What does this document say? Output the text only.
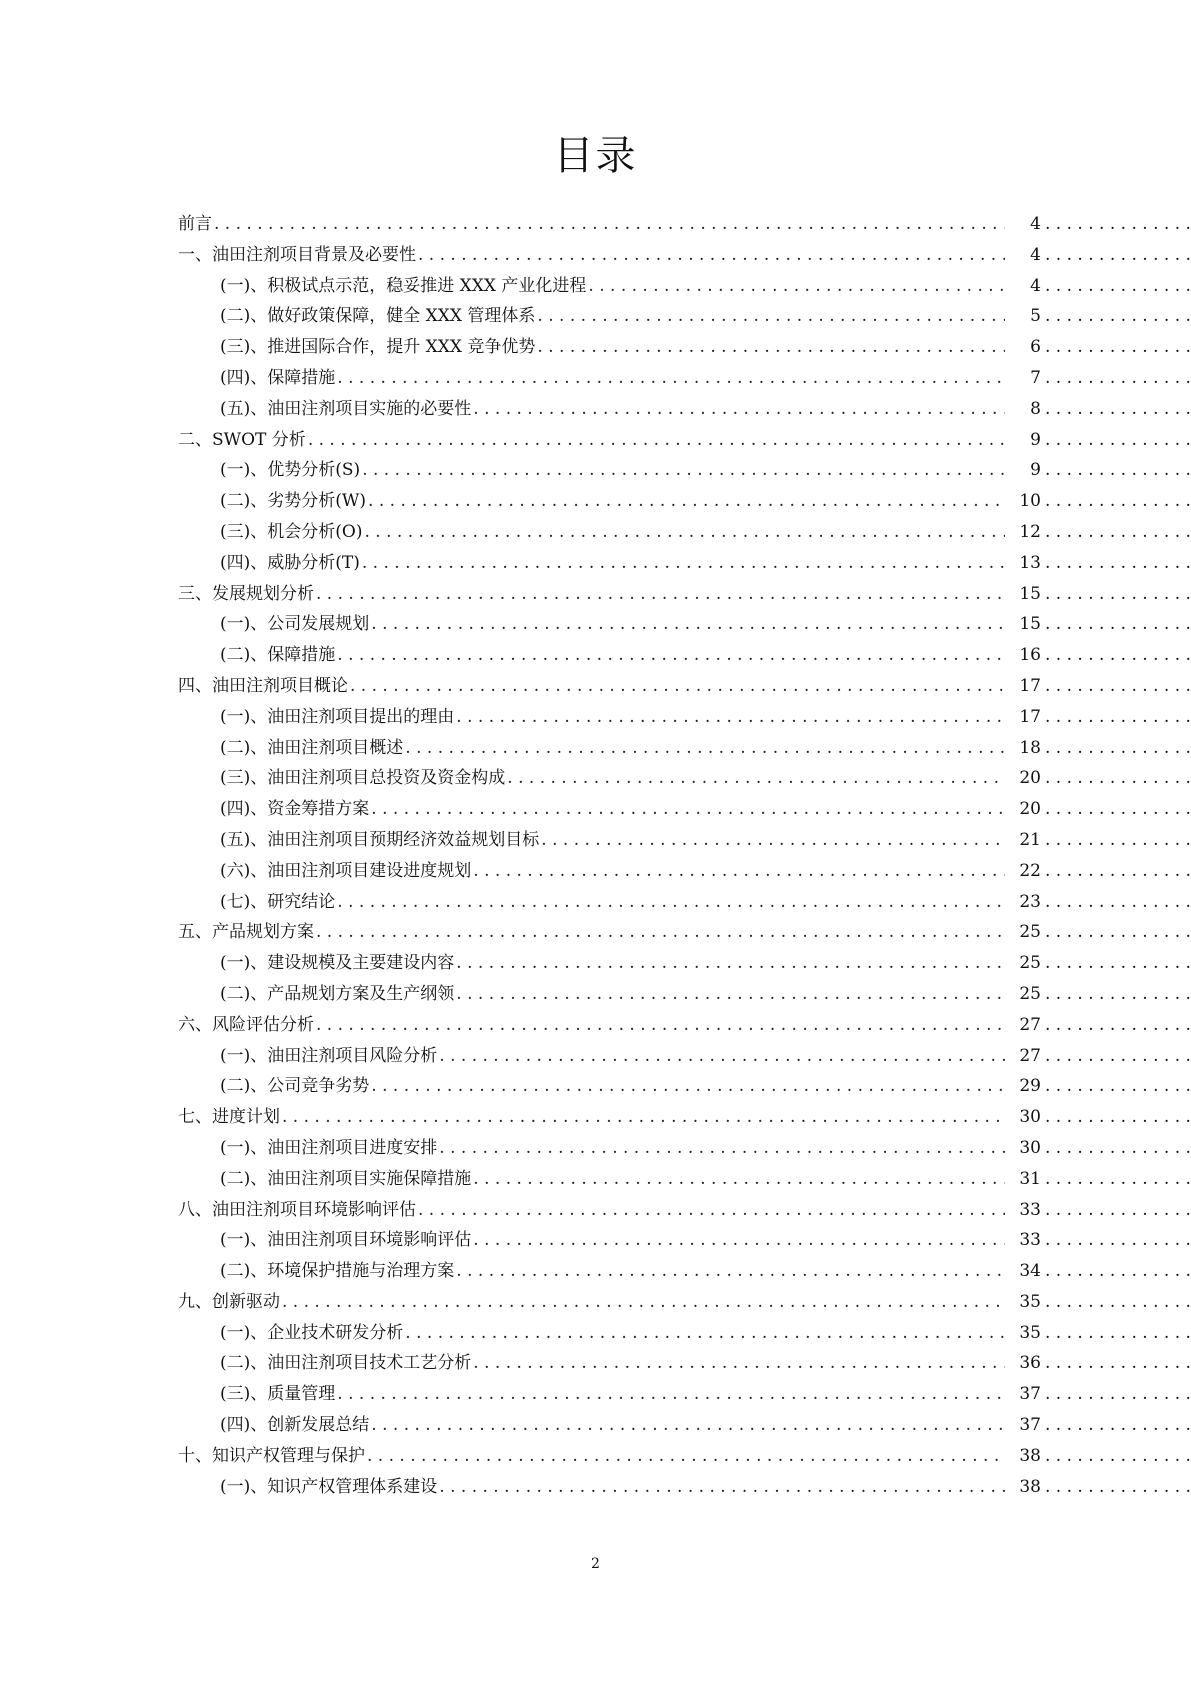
目录
前言 . . .	4
. . .
一、油田注剂项目背景及必要性 . . .	4
. . .
(一)、积极试点示范，稳妥推进 XXX 产业化进程 . . .	4
. . .
(二)、做好政策保障，健全 XXX 管理体系 . . .	5
. . .
(三)、推进国际合作，提升 XXX 竞争优势 . . .	6
. . .
(四)、保障措施 . . .	7
. . .
(五)、油田注剂项目实施的必要性 . . .	8
. . .
二、SWOT 分析 . . .	9
. . .
(一)、优势分析(S) . . .	9
. . .
(二)、劣势分析(W) . . .	10
. . .
(三)、机会分析(O) . . .	12
. . .
(四)、威胁分析(T) . . .	13
. . .
三、发展规划分析 . . .	15
. . .
(一)、公司发展规划 . . .	15
. . .
(二)、保障措施 . . .	16
. . .
四、油田注剂项目概论 . . .	17
. . .
(一)、油田注剂项目提出的理由 . . .	17
. . .
(二)、油田注剂项目概述 . . .	18
. . .
(三)、油田注剂项目总投资及资金构成 . . .	20
. . .
(四)、资金筹措方案 . . .	20
. . .
(五)、油田注剂项目预期经济效益规划目标 . . .	21
. . .
(六)、油田注剂项目建设进度规划 . . .	22
. . .
(七)、研究结论 . . .	23
. . .
五、产品规划方案 . . .	25
. . .
(一)、建设规模及主要建设内容 . . .	25
. . .
(二)、产品规划方案及生产纲领 . . .	25
. . .
六、风险评估分析 . . .	27
. . .
(一)、油田注剂项目风险分析 . . .	27
. . .
(二)、公司竞争劣势 . . .	29
. . .
七、进度计划 . . .	30
. . .
(一)、油田注剂项目进度安排 . . .	30
. . .
(二)、油田注剂项目实施保障措施 . . .	31
. . .
八、油田注剂项目环境影响评估 . . .	33
. . .
(一)、油田注剂项目环境影响评估 . . .	33
. . .
(二)、环境保护措施与治理方案 . . .	34
. . .
九、创新驱动 . . .	35
. . .
(一)、企业技术研发分析 . . .	35
. . .
(二)、油田注剂项目技术工艺分析 . . .	36
. . .
(三)、质量管理 . . .	37
. . .
(四)、创新发展总结 . . .	37
. . .
十、知识产权管理与保护 . . .	38
. . .
(一)、知识产权管理体系建设 . . .	38
. . .
2
